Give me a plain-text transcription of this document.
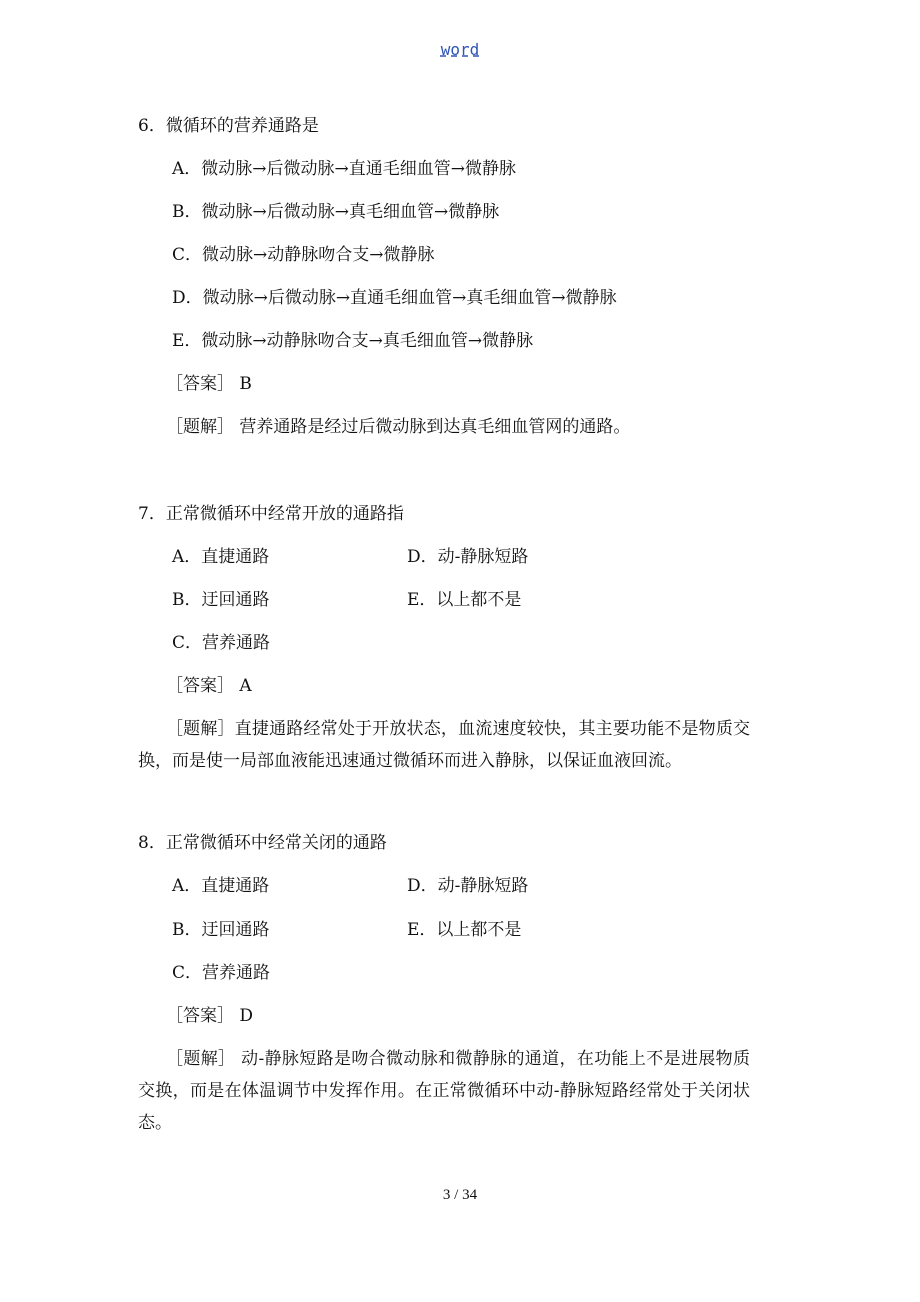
word
6．微循环的营养通路是
A．微动脉→后微动脉→直通毛细血管→微静脉
B．微动脉→后微动脉→真毛细血管→微静脉
C．微动脉→动静脉吻合支→微静脉
D．微动脉→后微动脉→直通毛细血管→真毛细血管→微静脉
E．微动脉→动静脉吻合支→真毛细血管→微静脉
［答案］ B
［题解］ 营养通路是经过后微动脉到达真毛细血管网的通路。
7．正常微循环中经常开放的通路指
A．直捷通路	D．动-静脉短路
B．迂回通路	E．以上都不是
C．营养通路
［答案］ A
［题解］直捷通路经常处于开放状态，血流速度较快，其主要功能不是物质交换，而是使一局部血液能迅速通过微循环而进入静脉，以保证血液回流。
8．正常微循环中经常关闭的通路
A．直捷通路	D．动-静脉短路
B．迂回通路	E．以上都不是
C．营养通路
［答案］ D
［题解］ 动-静脉短路是吻合微动脉和微静脉的通道，在功能上不是进展物质交换，而是在体温调节中发挥作用。在正常微循环中动-静脉短路经常处于关闭状态。
3 / 34
